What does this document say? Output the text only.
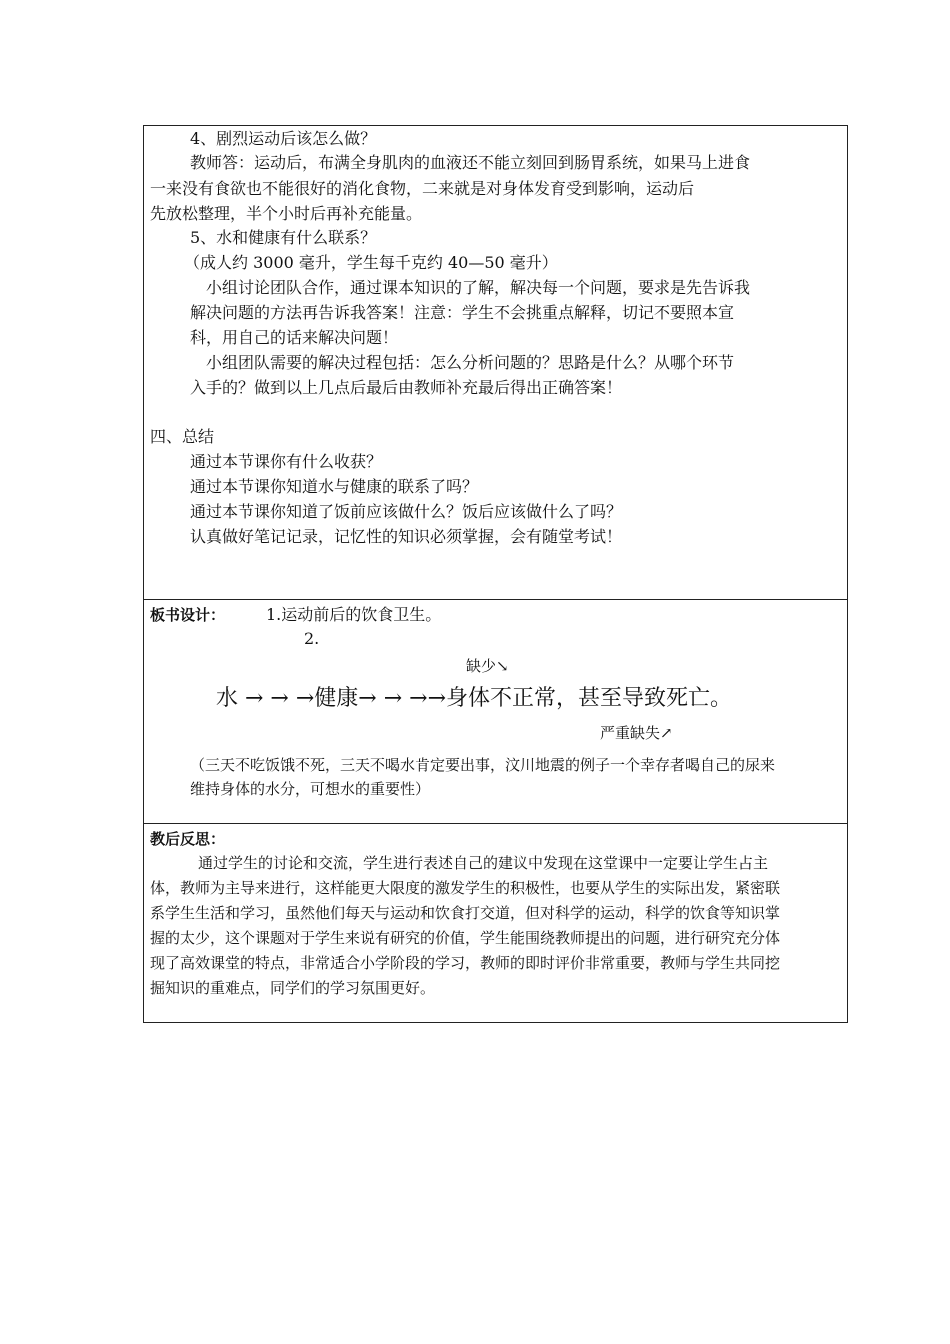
4、剧烈运动后该怎么做？
教师答：运动后，布满全身肌肉的血液还不能立刻回到肠胃系统，如果马上进食
一来没有食欲也不能很好的消化食物，二来就是对身体发育受到影响，运动后
先放松整理，半个小时后再补充能量。
5、水和健康有什么联系？
（成人约 3000 毫升，学生每千克约 40—50 毫升）
小组讨论团队合作，通过课本知识的了解，解决每一个问题，要求是先告诉我
解决问题的方法再告诉我答案！注意：学生不会挑重点解释，切记不要照本宣
科，用自己的话来解决问题！
小组团队需要的解决过程包括：怎么分析问题的？思路是什么？从哪个环节
入手的？做到以上几点后最后由教师补充最后得出正确答案！
四、总结
通过本节课你有什么收获？
通过本节课你知道水与健康的联系了吗？
通过本节课你知道了饭前应该做什么？饭后应该做什么了吗？
认真做好笔记记录，记忆性的知识必须掌握，会有随堂考试！
板书设计：	1.运动前后的饮食卫生。
2.
缺少↘
水 → → →健康→ → →→身体不正常，甚至导致死亡。
严重缺失↗
（三天不吃饭饿不死，三天不喝水肯定要出事，汶川地震的例子一个幸存者喝自己的尿来
维持身体的水分，可想水的重要性）
教后反思：
通过学生的讨论和交流，学生进行表述自己的建议中发现在这堂课中一定要让学生占主
体，教师为主导来进行，这样能更大限度的激发学生的积极性，也要从学生的实际出发，紧密联
系学生生活和学习，虽然他们每天与运动和饮食打交道，但对科学的运动，科学的饮食等知识掌
握的太少，这个课题对于学生来说有研究的价值，学生能围绕教师提出的问题，进行研究充分体
现了高效课堂的特点，非常适合小学阶段的学习，教师的即时评价非常重要，教师与学生共同挖
掘知识的重难点，同学们的学习氛围更好。
